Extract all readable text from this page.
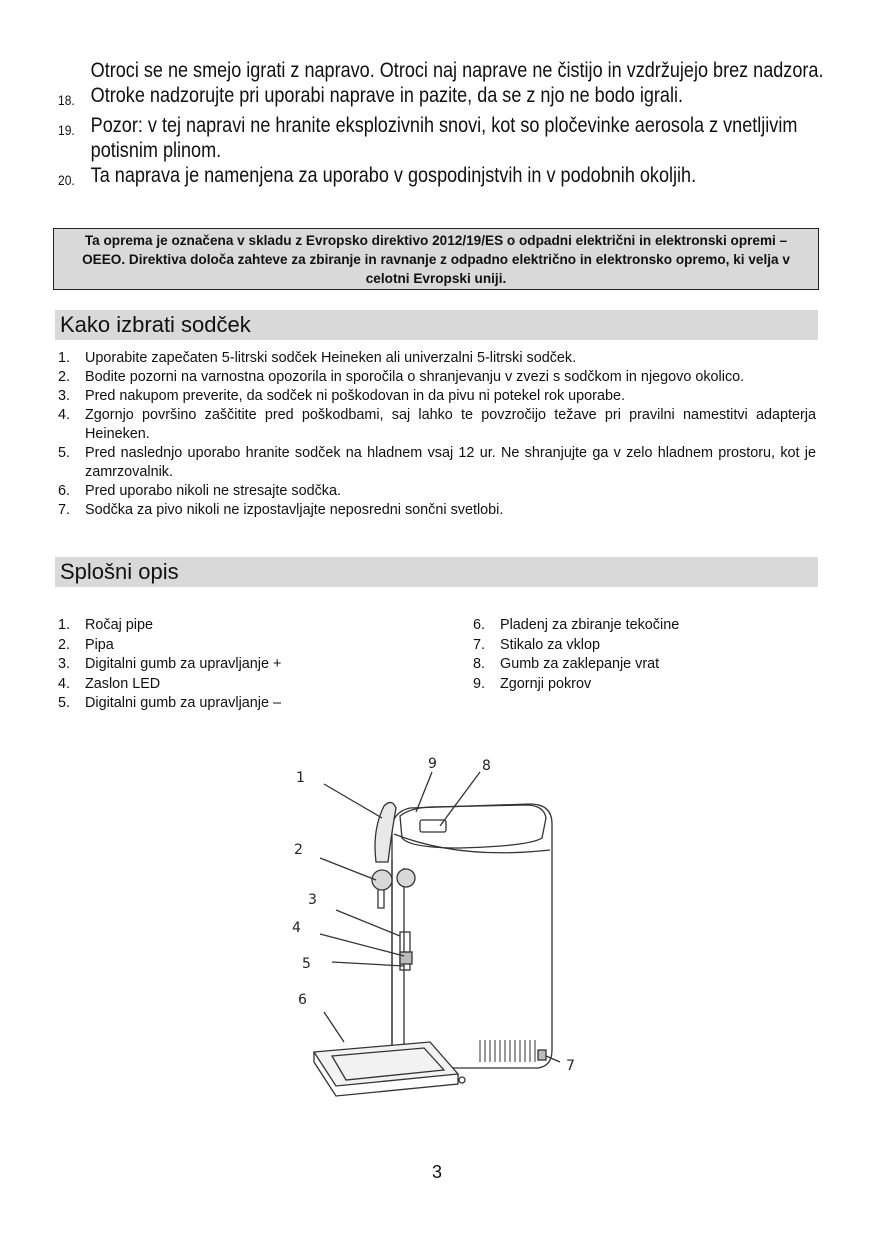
Otroci se ne smejo igrati z napravo. Otroci naj naprave ne čistijo in vzdržujejo brez nadzora.
18. Otroke nadzorujte pri uporabi naprave in pazite, da se z njo ne bodo igrali.
19. Pozor: v tej napravi ne hranite eksplozivnih snovi, kot so pločevinke aerosola z vnetljivim potisnim plinom.
20. Ta naprava je namenjena za uporabo v gospodinjstvih in v podobnih okoljih.
Ta oprema je označena v skladu z Evropsko direktivo 2012/19/ES o odpadni električni in elektronski opremi – OEEO. Direktiva določa zahteve za zbiranje in ravnanje z odpadno električno in elektronsko opremo, ki velja v celotni Evropski uniji.
Kako izbrati sodček
1.	Uporabite zapečaten 5-litrski sodček Heineken ali univerzalni 5-litrski sodček.
2.	Bodite pozorni na varnostna opozorila in sporočila o shranjevanju v zvezi s sodčkom in njegovo okolico.
3.	Pred nakupom preverite, da sodček ni poškodovan in da pivu ni potekel rok uporabe.
4.	Zgornjo površino zaščitite pred poškodbami, saj lahko te povzročijo težave pri pravilni namestitvi adapterja Heineken.
5.	Pred naslednjo uporabo hranite sodček na hladnem vsaj 12 ur. Ne shranjujte ga v zelo hladnem prostoru, kot je zamrzovalnik.
6.	Pred uporabo nikoli ne stresajte sodčka.
7.	Sodčka za pivo nikoli ne izpostavljajte neposredni sončni svetlobi.
Splošni opis
1.	Ročaj pipe
2.	Pipa
3.	Digitalni gumb za upravljanje +
4.	Zaslon LED
5.	Digitalni gumb za upravljanje –
6.	Pladenj za zbiranje tekočine
7.	Stikalo za vklop
8.	Gumb za zaklepanje vrat
9.	Zgornji pokrov
1
2
3
4
5
6
7
8
9
3
